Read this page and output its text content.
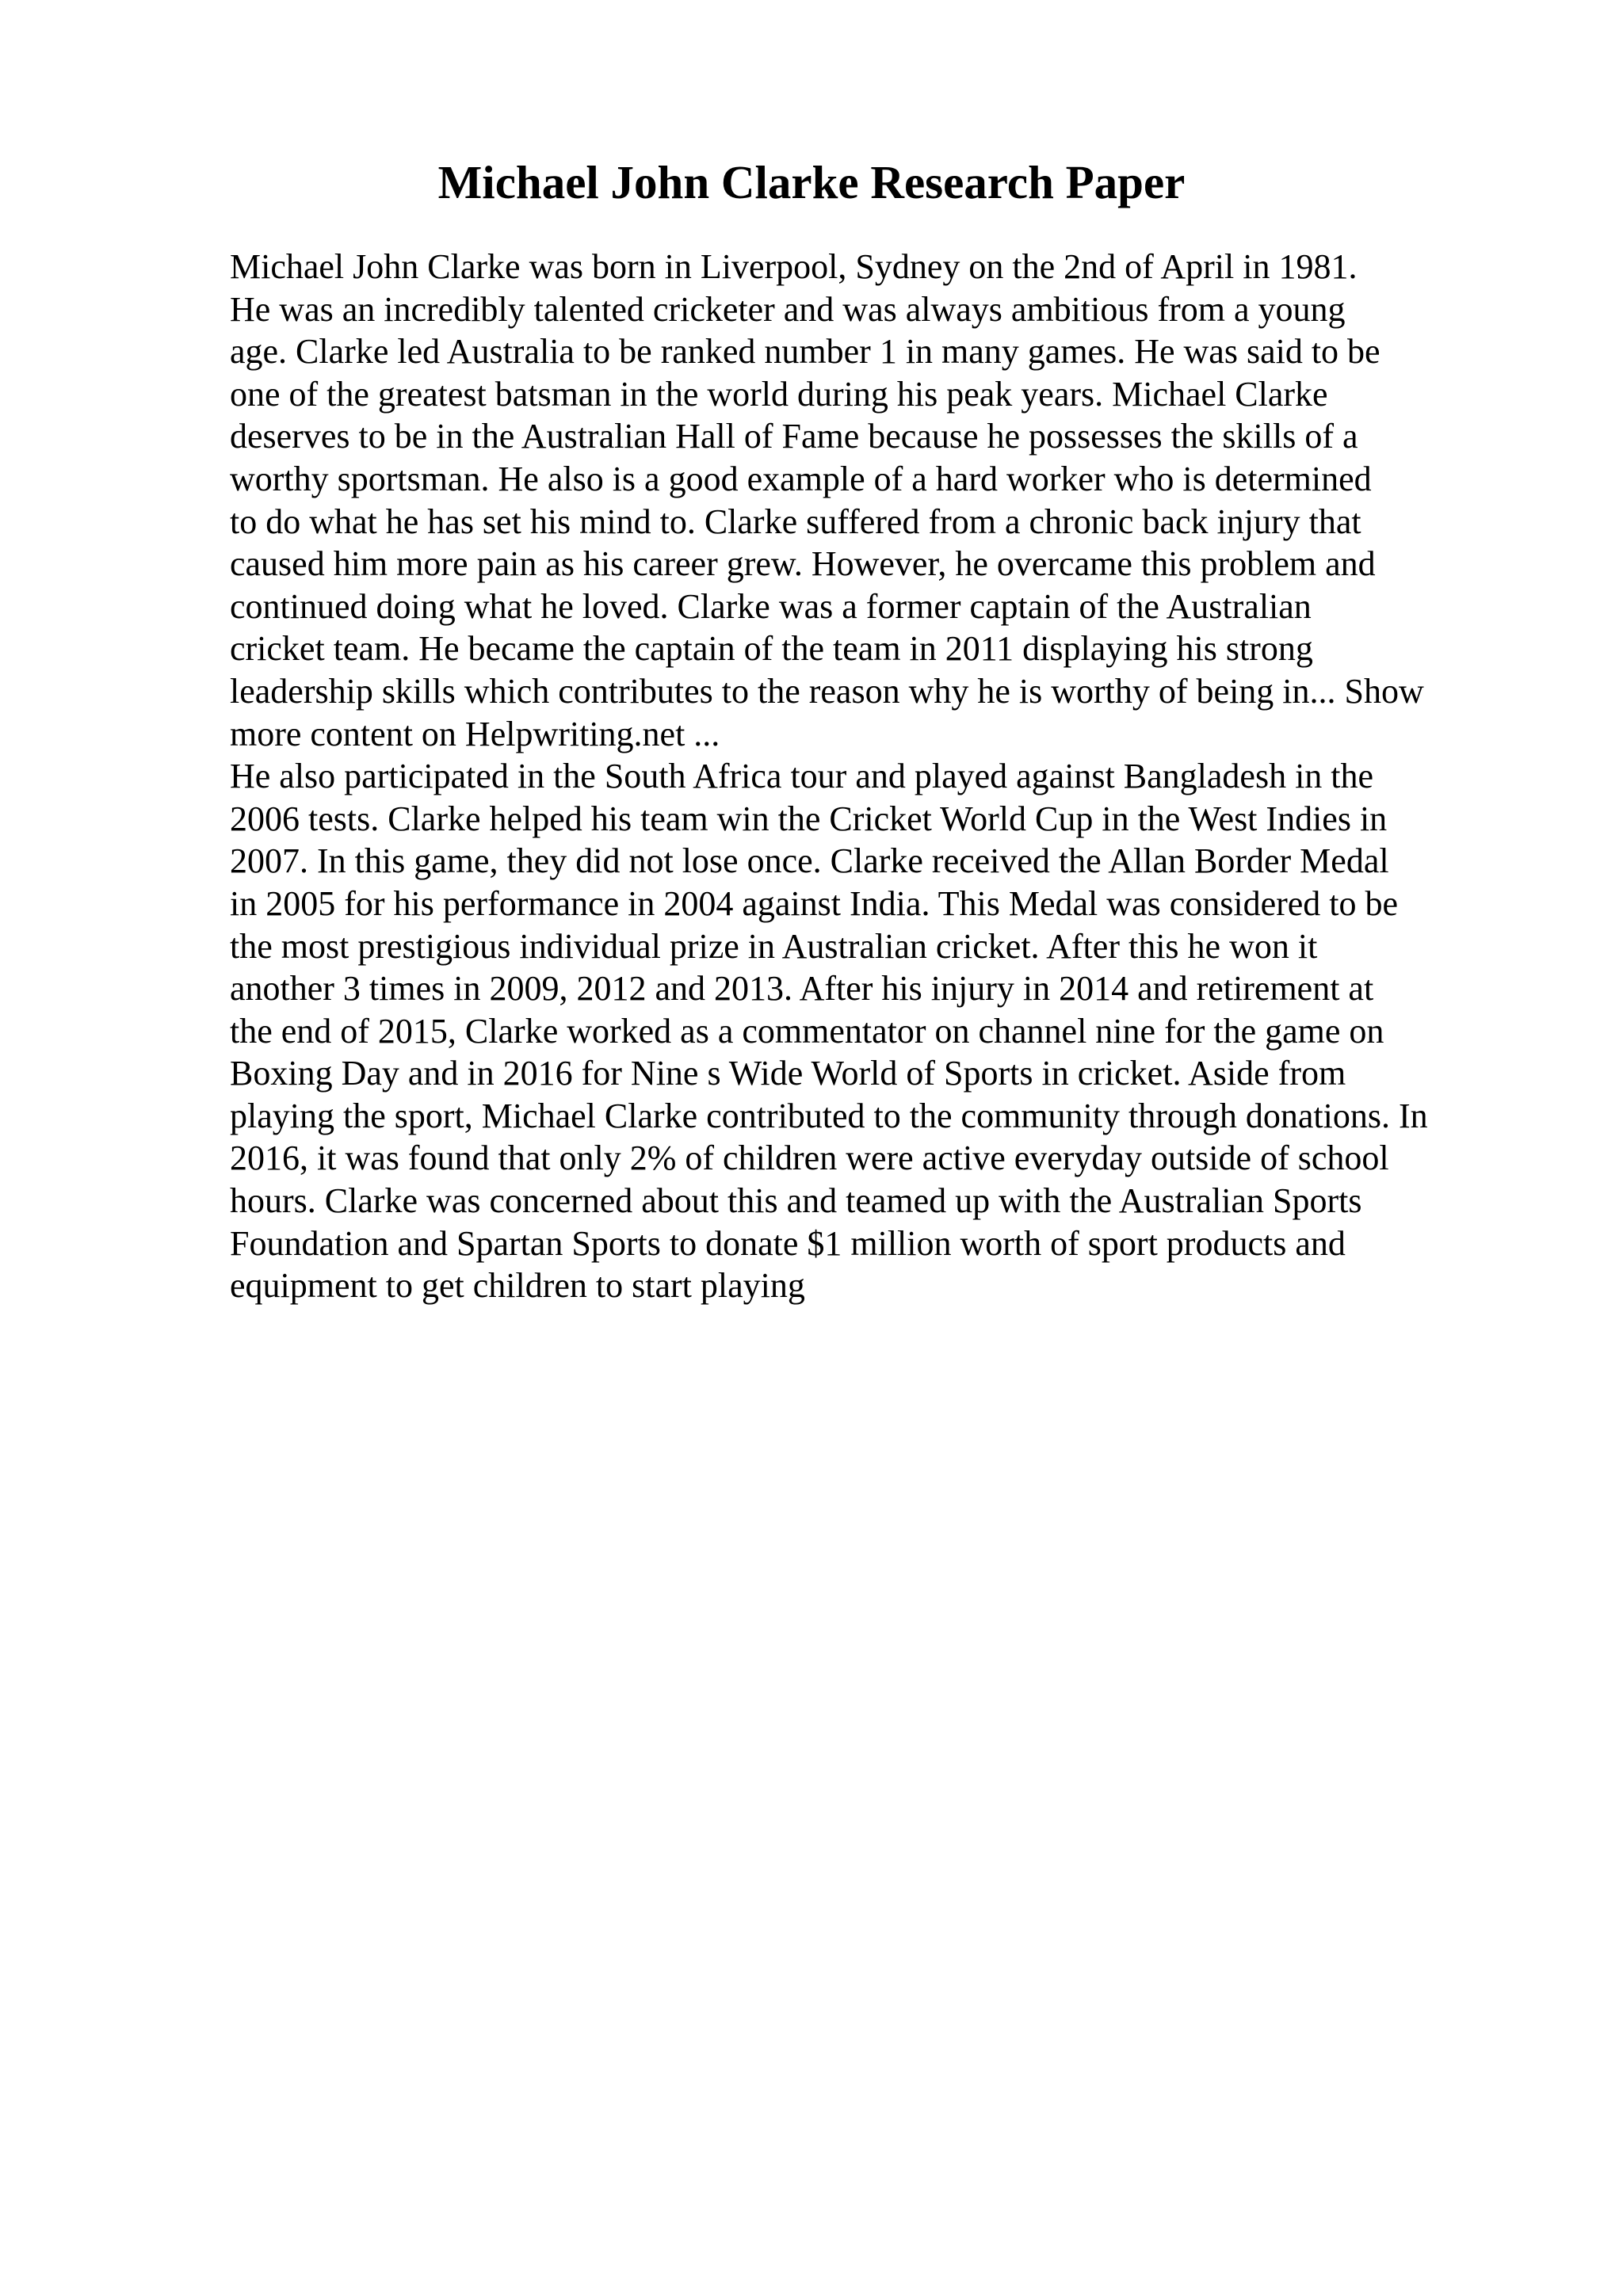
Michael John Clarke Research Paper
Michael John Clarke was born in Liverpool, Sydney on the 2nd of April in 1981.
He was an incredibly talented cricketer and was always ambitious from a young
age. Clarke led Australia to be ranked number 1 in many games. He was said to be
one of the greatest batsman in the world during his peak years. Michael Clarke
deserves to be in the Australian Hall of Fame because he possesses the skills of a
worthy sportsman. He also is a good example of a hard worker who is determined
to do what he has set his mind to. Clarke suffered from a chronic back injury that
caused him more pain as his career grew. However, he overcame this problem and
continued doing what he loved. Clarke was a former captain of the Australian
cricket team. He became the captain of the team in 2011 displaying his strong
leadership skills which contributes to the reason why he is worthy of being in... Show
more content on Helpwriting.net ...
He also participated in the South Africa tour and played against Bangladesh in the
2006 tests. Clarke helped his team win the Cricket World Cup in the West Indies in
2007. In this game, they did not lose once. Clarke received the Allan Border Medal
in 2005 for his performance in 2004 against India. This Medal was considered to be
the most prestigious individual prize in Australian cricket. After this he won it
another 3 times in 2009, 2012 and 2013. After his injury in 2014 and retirement at
the end of 2015, Clarke worked as a commentator on channel nine for the game on
Boxing Day and in 2016 for Nine s Wide World of Sports in cricket. Aside from
playing the sport, Michael Clarke contributed to the community through donations. In
2016, it was found that only 2% of children were active everyday outside of school
hours. Clarke was concerned about this and teamed up with the Australian Sports
Foundation and Spartan Sports to donate $1 million worth of sport products and
equipment to get children to start playing
